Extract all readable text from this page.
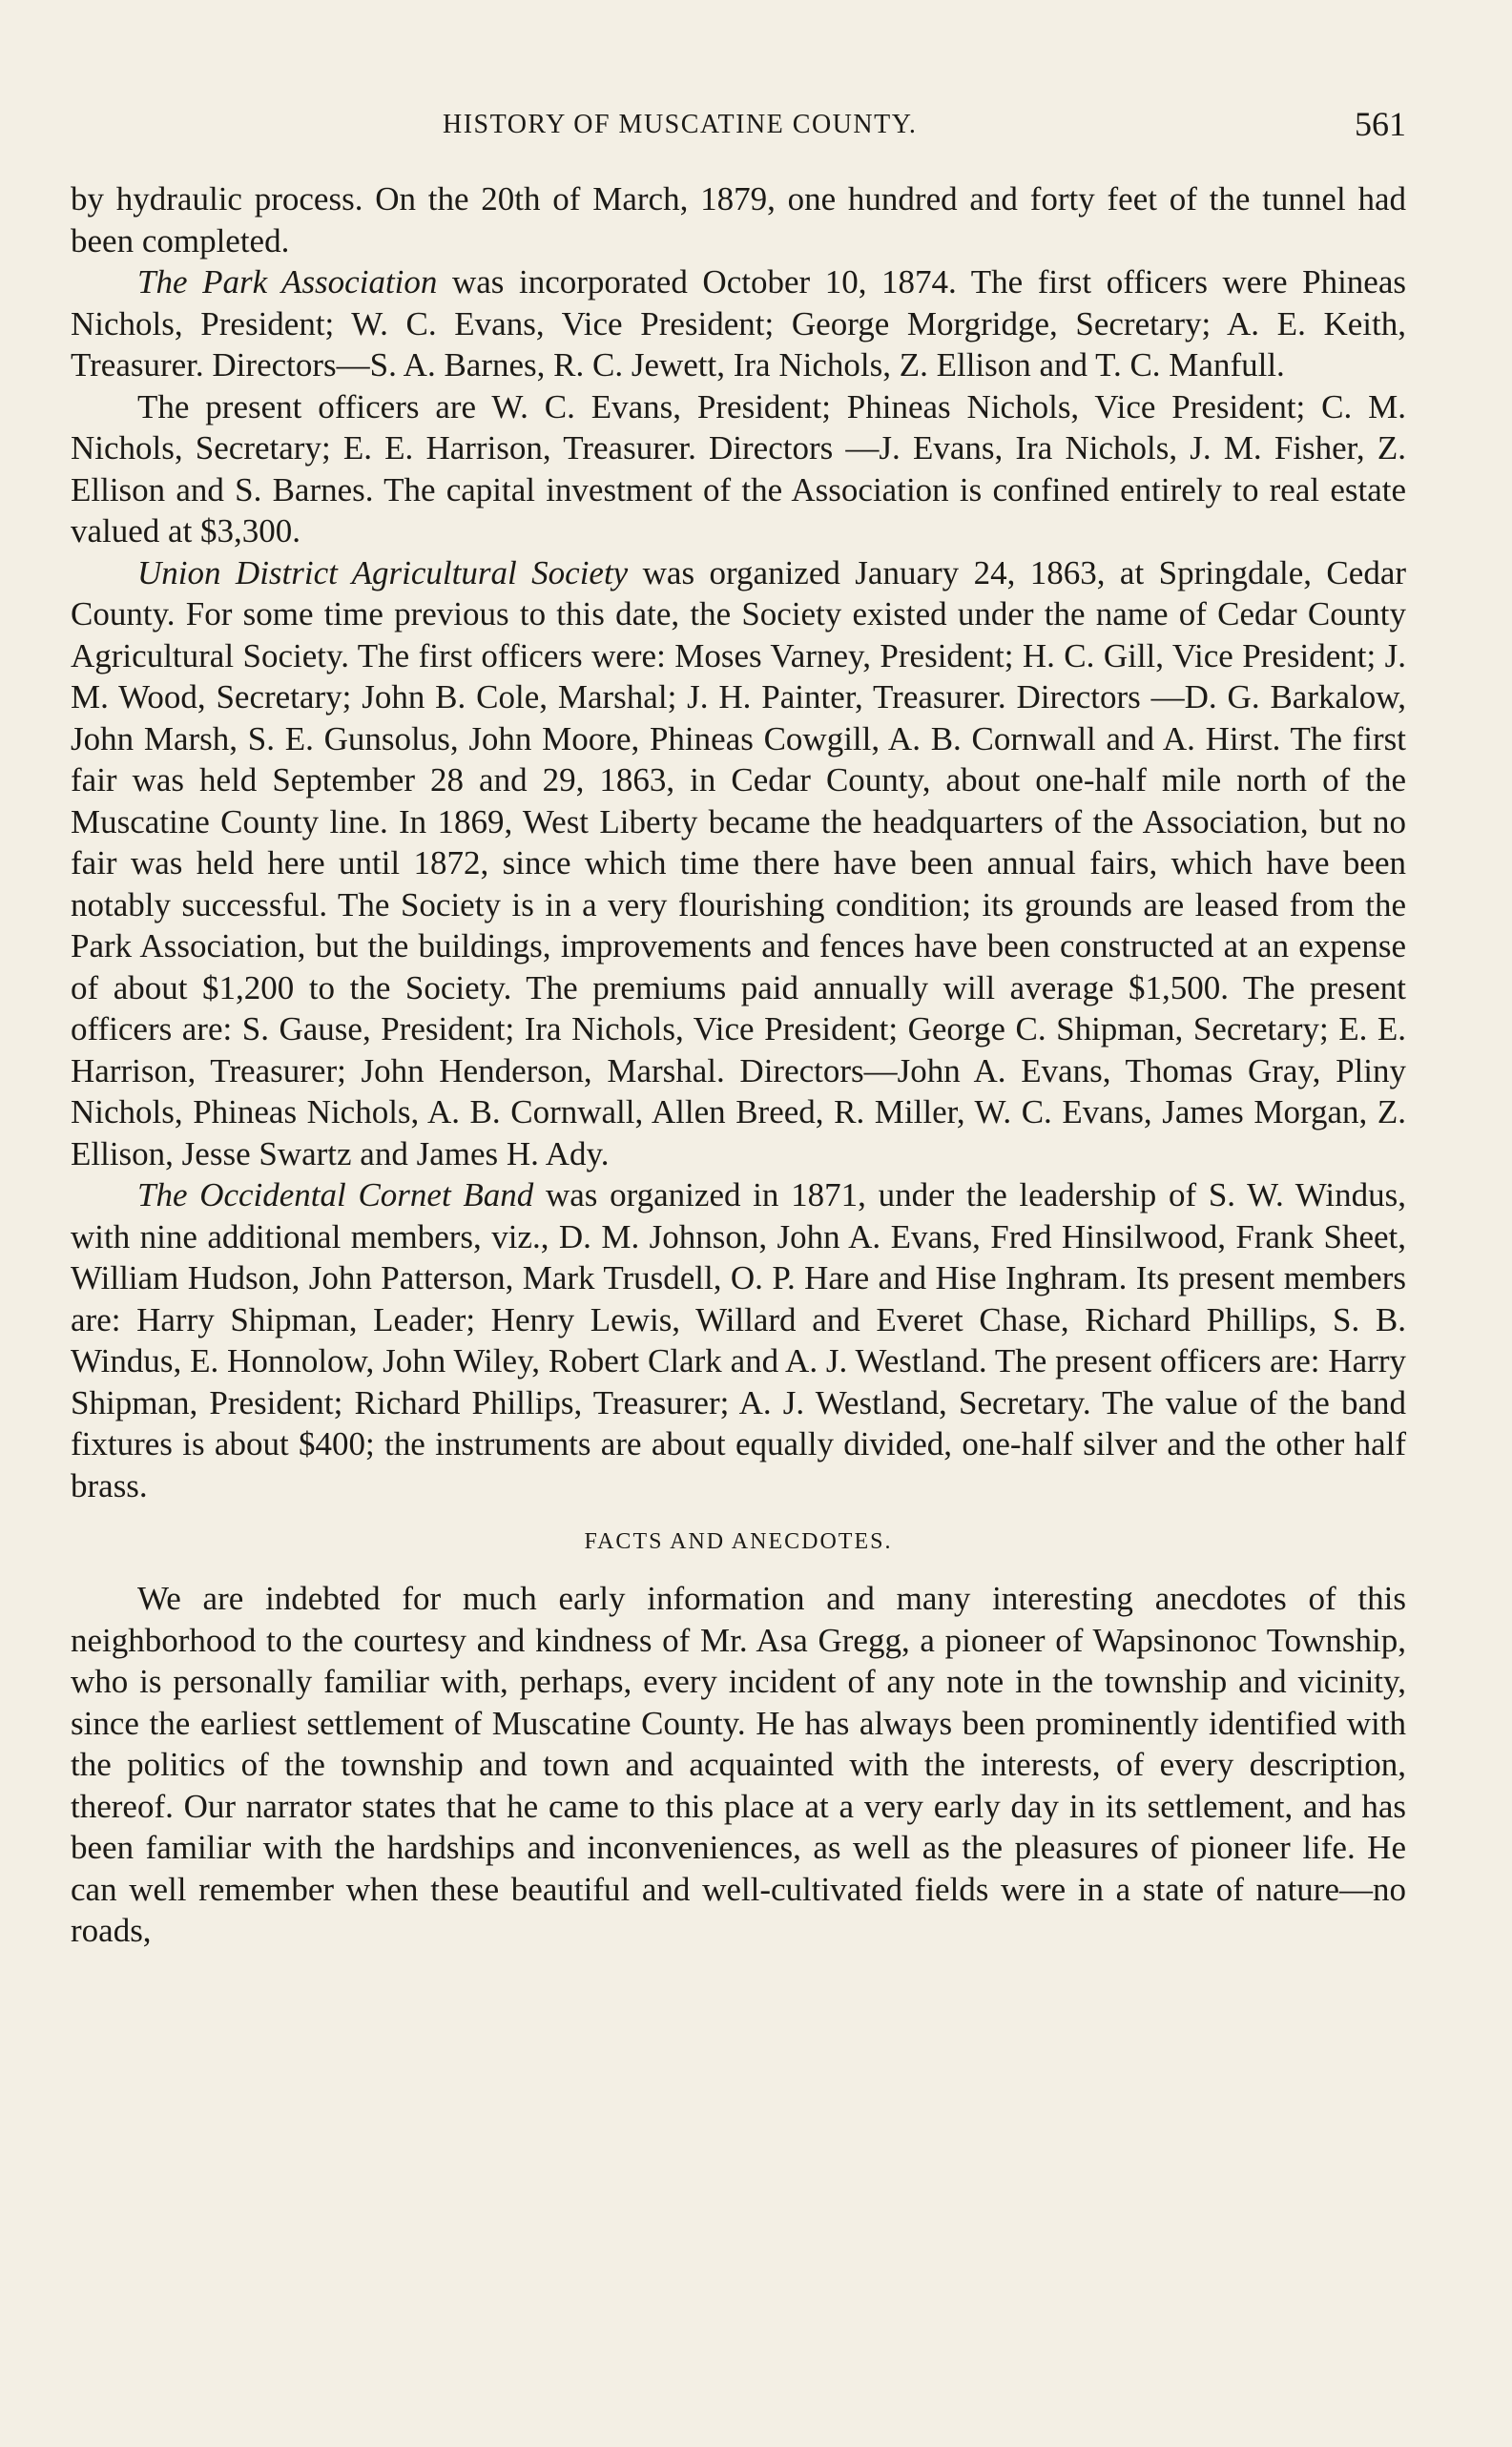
HISTORY OF MUSCATINE COUNTY.	561

by hydraulic process. On the 20th of March, 1879, one hundred and forty feet of the tunnel had been completed.

The Park Association was incorporated October 10, 1874. The first officers were Phineas Nichols, President; W. C. Evans, Vice President; George Morgridge, Secretary; A. E. Keith, Treasurer. Directors—S. A. Barnes, R. C. Jewett, Ira Nichols, Z. Ellison and T. C. Manfull.

The present officers are W. C. Evans, President; Phineas Nichols, Vice President; C. M. Nichols, Secretary; E. E. Harrison, Treasurer. Directors —J. Evans, Ira Nichols, J. M. Fisher, Z. Ellison and S. Barnes. The capital investment of the Association is confined entirely to real estate valued at $3,300.

Union District Agricultural Society was organized January 24, 1863, at Springdale, Cedar County. For some time previous to this date, the Society existed under the name of Cedar County Agricultural Society. The first officers were: Moses Varney, President; H. C. Gill, Vice President; J. M. Wood, Secretary; John B. Cole, Marshal; J. H. Painter, Treasurer. Directors —D. G. Barkalow, John Marsh, S. E. Gunsolus, John Moore, Phineas Cowgill, A. B. Cornwall and A. Hirst. The first fair was held September 28 and 29, 1863, in Cedar County, about one-half mile north of the Muscatine County line. In 1869, West Liberty became the headquarters of the Association, but no fair was held here until 1872, since which time there have been annual fairs, which have been notably successful. The Society is in a very flourishing condition; its grounds are leased from the Park Association, but the buildings, improvements and fences have been constructed at an expense of about $1,200 to the Society. The premiums paid annually will average $1,500. The present officers are: S. Gause, President; Ira Nichols, Vice President; George C. Shipman, Secretary; E. E. Harrison, Treasurer; John Henderson, Marshal. Directors—John A. Evans, Thomas Gray, Pliny Nichols, Phineas Nichols, A. B. Cornwall, Allen Breed, R. Miller, W. C. Evans, James Morgan, Z. Ellison, Jesse Swartz and James H. Ady.

The Occidental Cornet Band was organized in 1871, under the leadership of S. W. Windus, with nine additional members, viz., D. M. Johnson, John A. Evans, Fred Hinsilwood, Frank Sheet, William Hudson, John Patterson, Mark Trusdell, O. P. Hare and Hise Inghram. Its present members are: Harry Shipman, Leader; Henry Lewis, Willard and Everet Chase, Richard Phillips, S. B. Windus, E. Honnolow, John Wiley, Robert Clark and A. J. Westland. The present officers are: Harry Shipman, President; Richard Phillips, Treasurer; A. J. Westland, Secretary. The value of the band fixtures is about $400; the instruments are about equally divided, one-half silver and the other half brass.

FACTS AND ANECDOTES.

We are indebted for much early information and many interesting anecdotes of this neighborhood to the courtesy and kindness of Mr. Asa Gregg, a pioneer of Wapsinonoc Township, who is personally familiar with, perhaps, every incident of any note in the township and vicinity, since the earliest settlement of Muscatine County. He has always been prominently identified with the politics of the township and town and acquainted with the interests, of every description, thereof. Our narrator states that he came to this place at a very early day in its settlement, and has been familiar with the hardships and inconveniences, as well as the pleasures of pioneer life. He can well remember when these beautiful and well-cultivated fields were in a state of nature—no roads,
